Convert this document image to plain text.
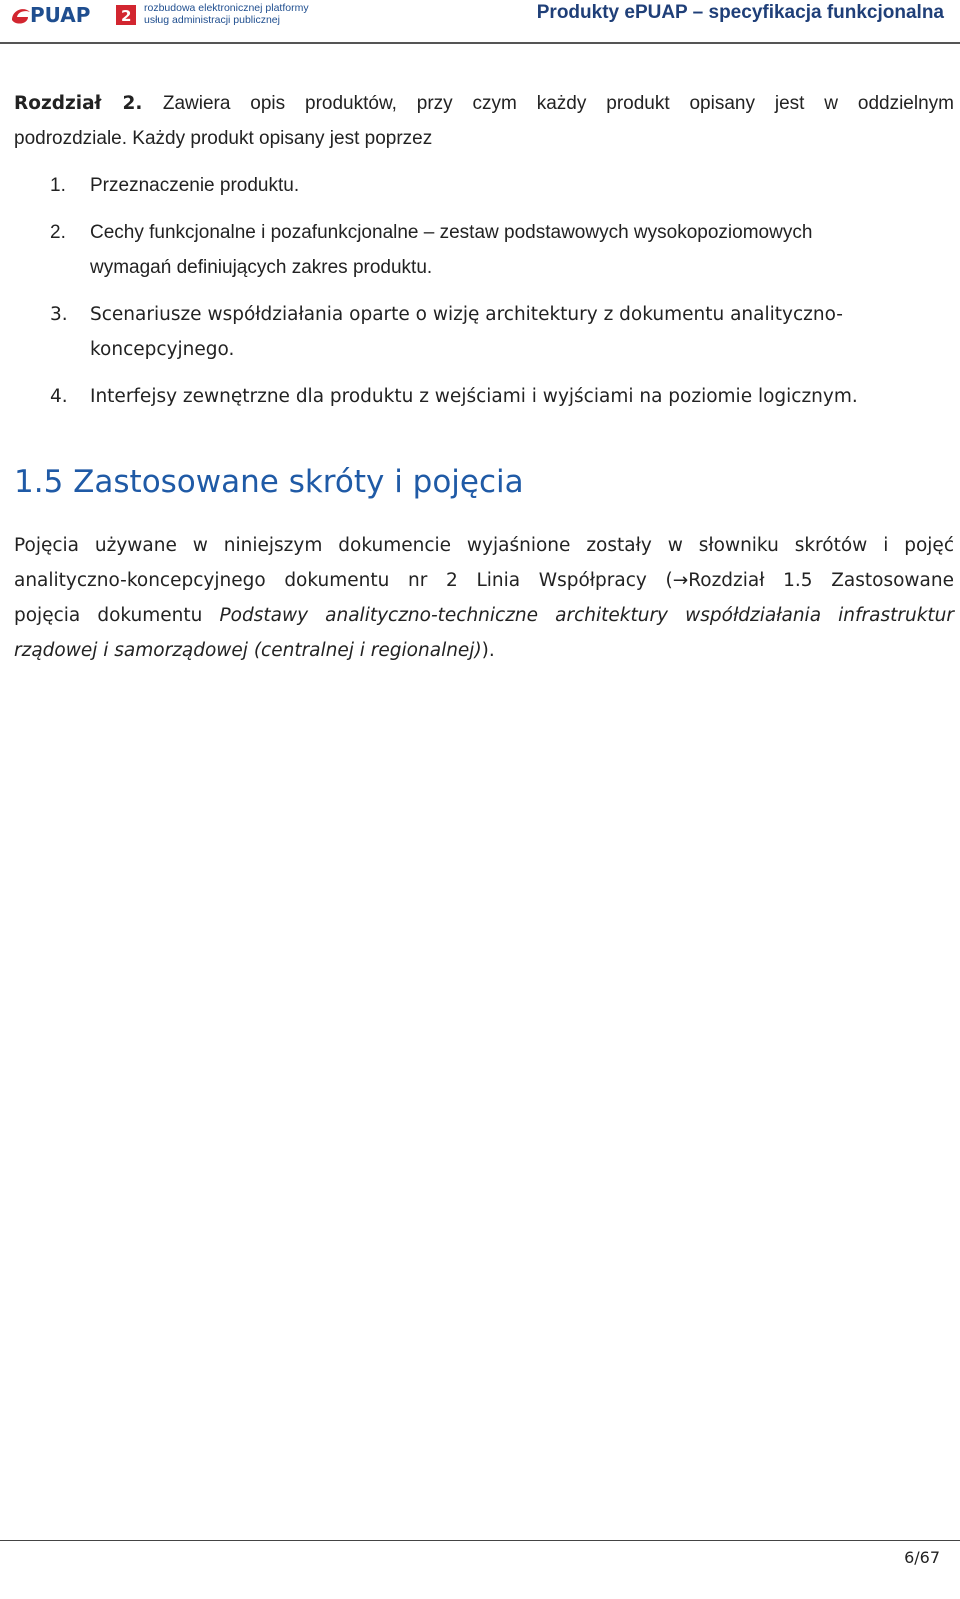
PUAP 2 rozbudowa elektronicznej platformy
usług administracji publicznej	Produkty ePUAP – specyfikacja funkcjonalna
Rozdział 2. Zawiera opis produktów, przy czym każdy produkt opisany jest w oddzielnym
podrozdziale. Każdy produkt opisany jest poprzez
1. Przeznaczenie produktu.
2. Cechy funkcjonalne i pozafunkcjonalne – zestaw podstawowych wysokopoziomowych
wymagań definiujących zakres produktu.
3. Scenariusze współdziałania oparte o wizję architektury z dokumentu analityczno-
koncepcyjnego.
4. Interfejsy zewnętrzne dla produktu z wejściami i wyjściami na poziomie logicznym.
1.5 Zastosowane skróty i pojęcia
Pojęcia używane w niniejszym dokumencie wyjaśnione zostały w słowniku skrótów i pojęć
analityczno-koncepcyjnego dokumentu nr 2 Linia Współpracy (→Rozdział 1.5 Zastosowane
pojęcia dokumentu Podstawy analityczno-techniczne architektury współdziałania infrastruktur
rządowej i samorządowej (centralnej i regionalnej)).
6/67
